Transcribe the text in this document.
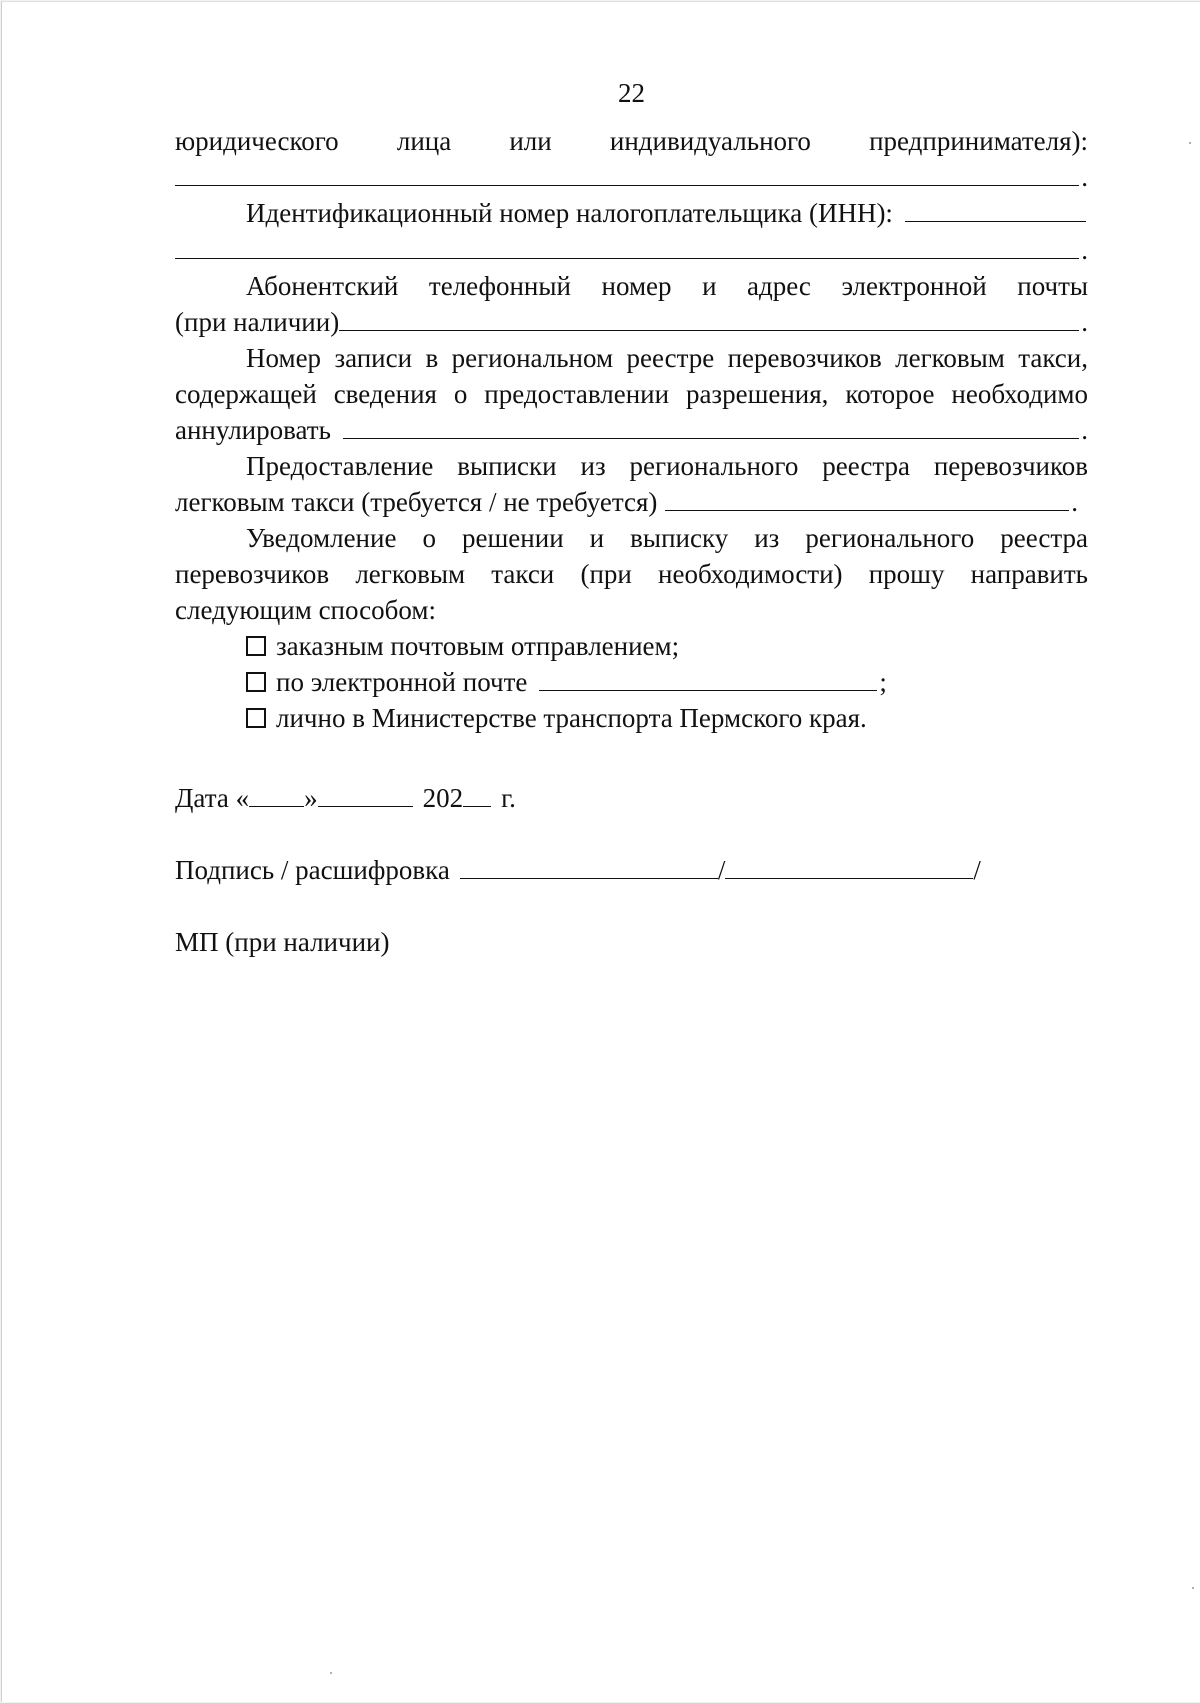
22
юридического лица или индивидуального предпринимателя):
.
Идентификационный номер налогоплательщика (ИНН):
.
Абонентский телефонный номер и адрес электронной почты
(при наличии)	.
Номер записи в региональном реестре перевозчиков легковым такси,
содержащей сведения о предоставлении разрешения, которое необходимо
аннулировать	.
Предоставление выписки из регионального реестра перевозчиков
легковым такси (требуется / не требуется)	.
Уведомление о решении и выписку из регионального реестра
перевозчиков легковым такси (при необходимости) прошу направить
следующим способом:
заказным почтовым отправлением;
по электронной почте	;
лично в Министерстве транспорта Пермского края.
Дата « »	202 г.
Подпись / расшифровка	/	/
МП (при наличии)
